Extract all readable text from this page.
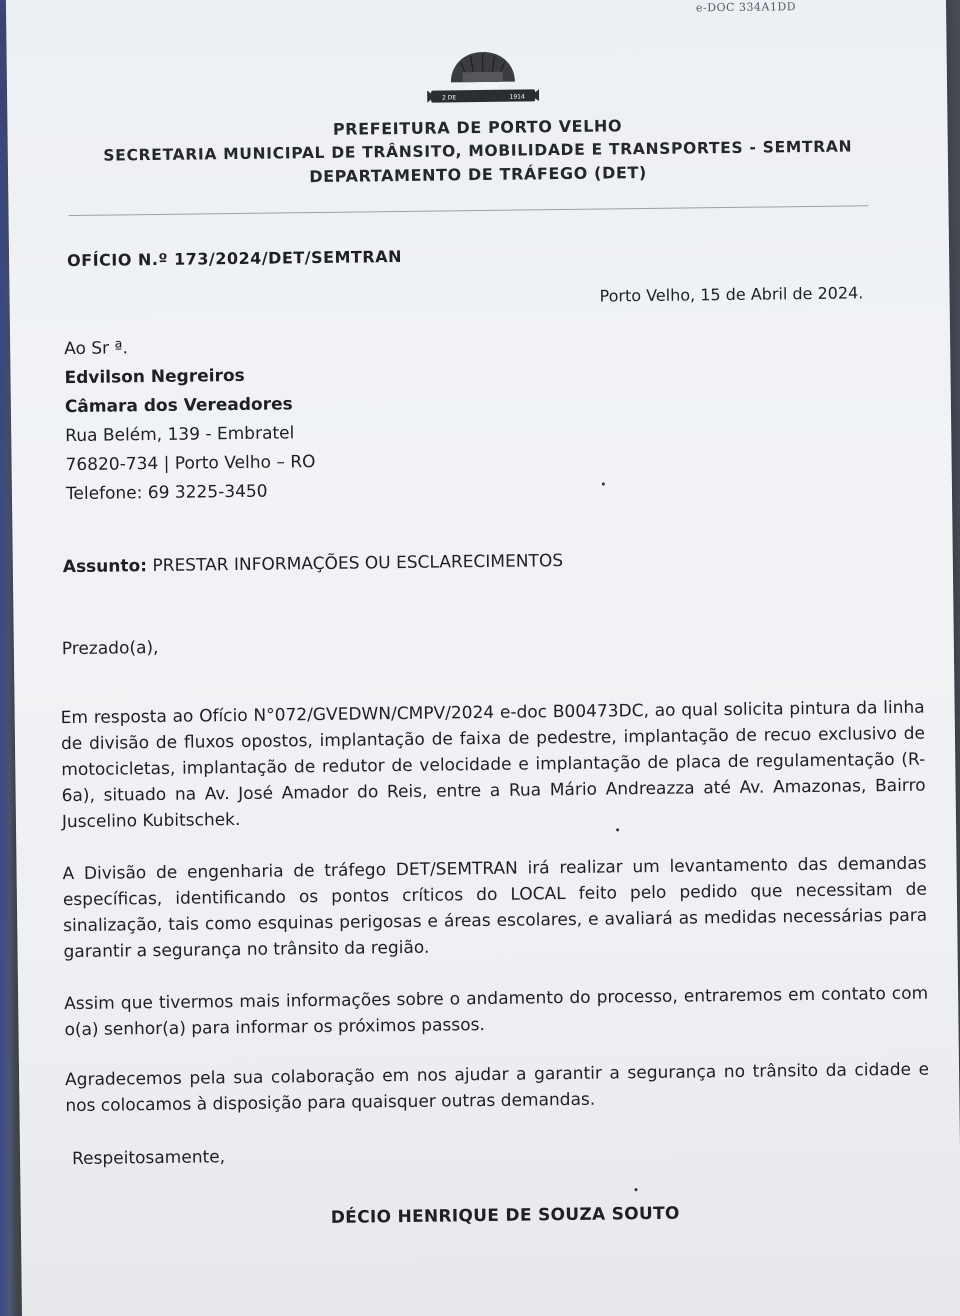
e-DOC 334A1DD
OUTUBRO
2 DE	1914
PREFEITURA DE PORTO VELHO
SECRETARIA MUNICIPAL DE TRÂNSITO, MOBILIDADE E TRANSPORTES - SEMTRAN
DEPARTAMENTO DE TRÁFEGO (DET)
OFÍCIO N.º 173/2024/DET/SEMTRAN
Porto Velho, 15 de Abril de 2024.
Ao Sr ª.
Edvilson Negreiros
Câmara dos Vereadores
Rua Belém, 139 - Embratel
76820-734 | Porto Velho – RO
Telefone: 69 3225-3450
Assunto: PRESTAR INFORMAÇÕES OU ESCLARECIMENTOS
Prezado(a),
Em resposta ao Ofício N°072/GVEDWN/CMPV/2024 e-doc B00473DC, ao qual solicita pintura da linha de divisão de fluxos opostos, implantação de faixa de pedestre, implantação de recuo exclusivo de motocicletas, implantação de redutor de velocidade e implantação de placa de regulamentação (R-6a), situado na Av. José Amador do Reis, entre a Rua Mário Andreazza até Av. Amazonas, Bairro Juscelino Kubitschek.
A Divisão de engenharia de tráfego DET/SEMTRAN irá realizar um levantamento das demandas específicas, identificando os pontos críticos do LOCAL feito pelo pedido que necessitam de sinalização, tais como esquinas perigosas e áreas escolares, e avaliará as medidas necessárias para garantir a segurança no trânsito da região.
Assim que tivermos mais informações sobre o andamento do processo, entraremos em contato com o(a) senhor(a) para informar os próximos passos.
Agradecemos pela sua colaboração em nos ajudar a garantir a segurança no trânsito da cidade e nos colocamos à disposição para quaisquer outras demandas.
Respeitosamente,
DÉCIO HENRIQUE DE SOUZA SOUTO
